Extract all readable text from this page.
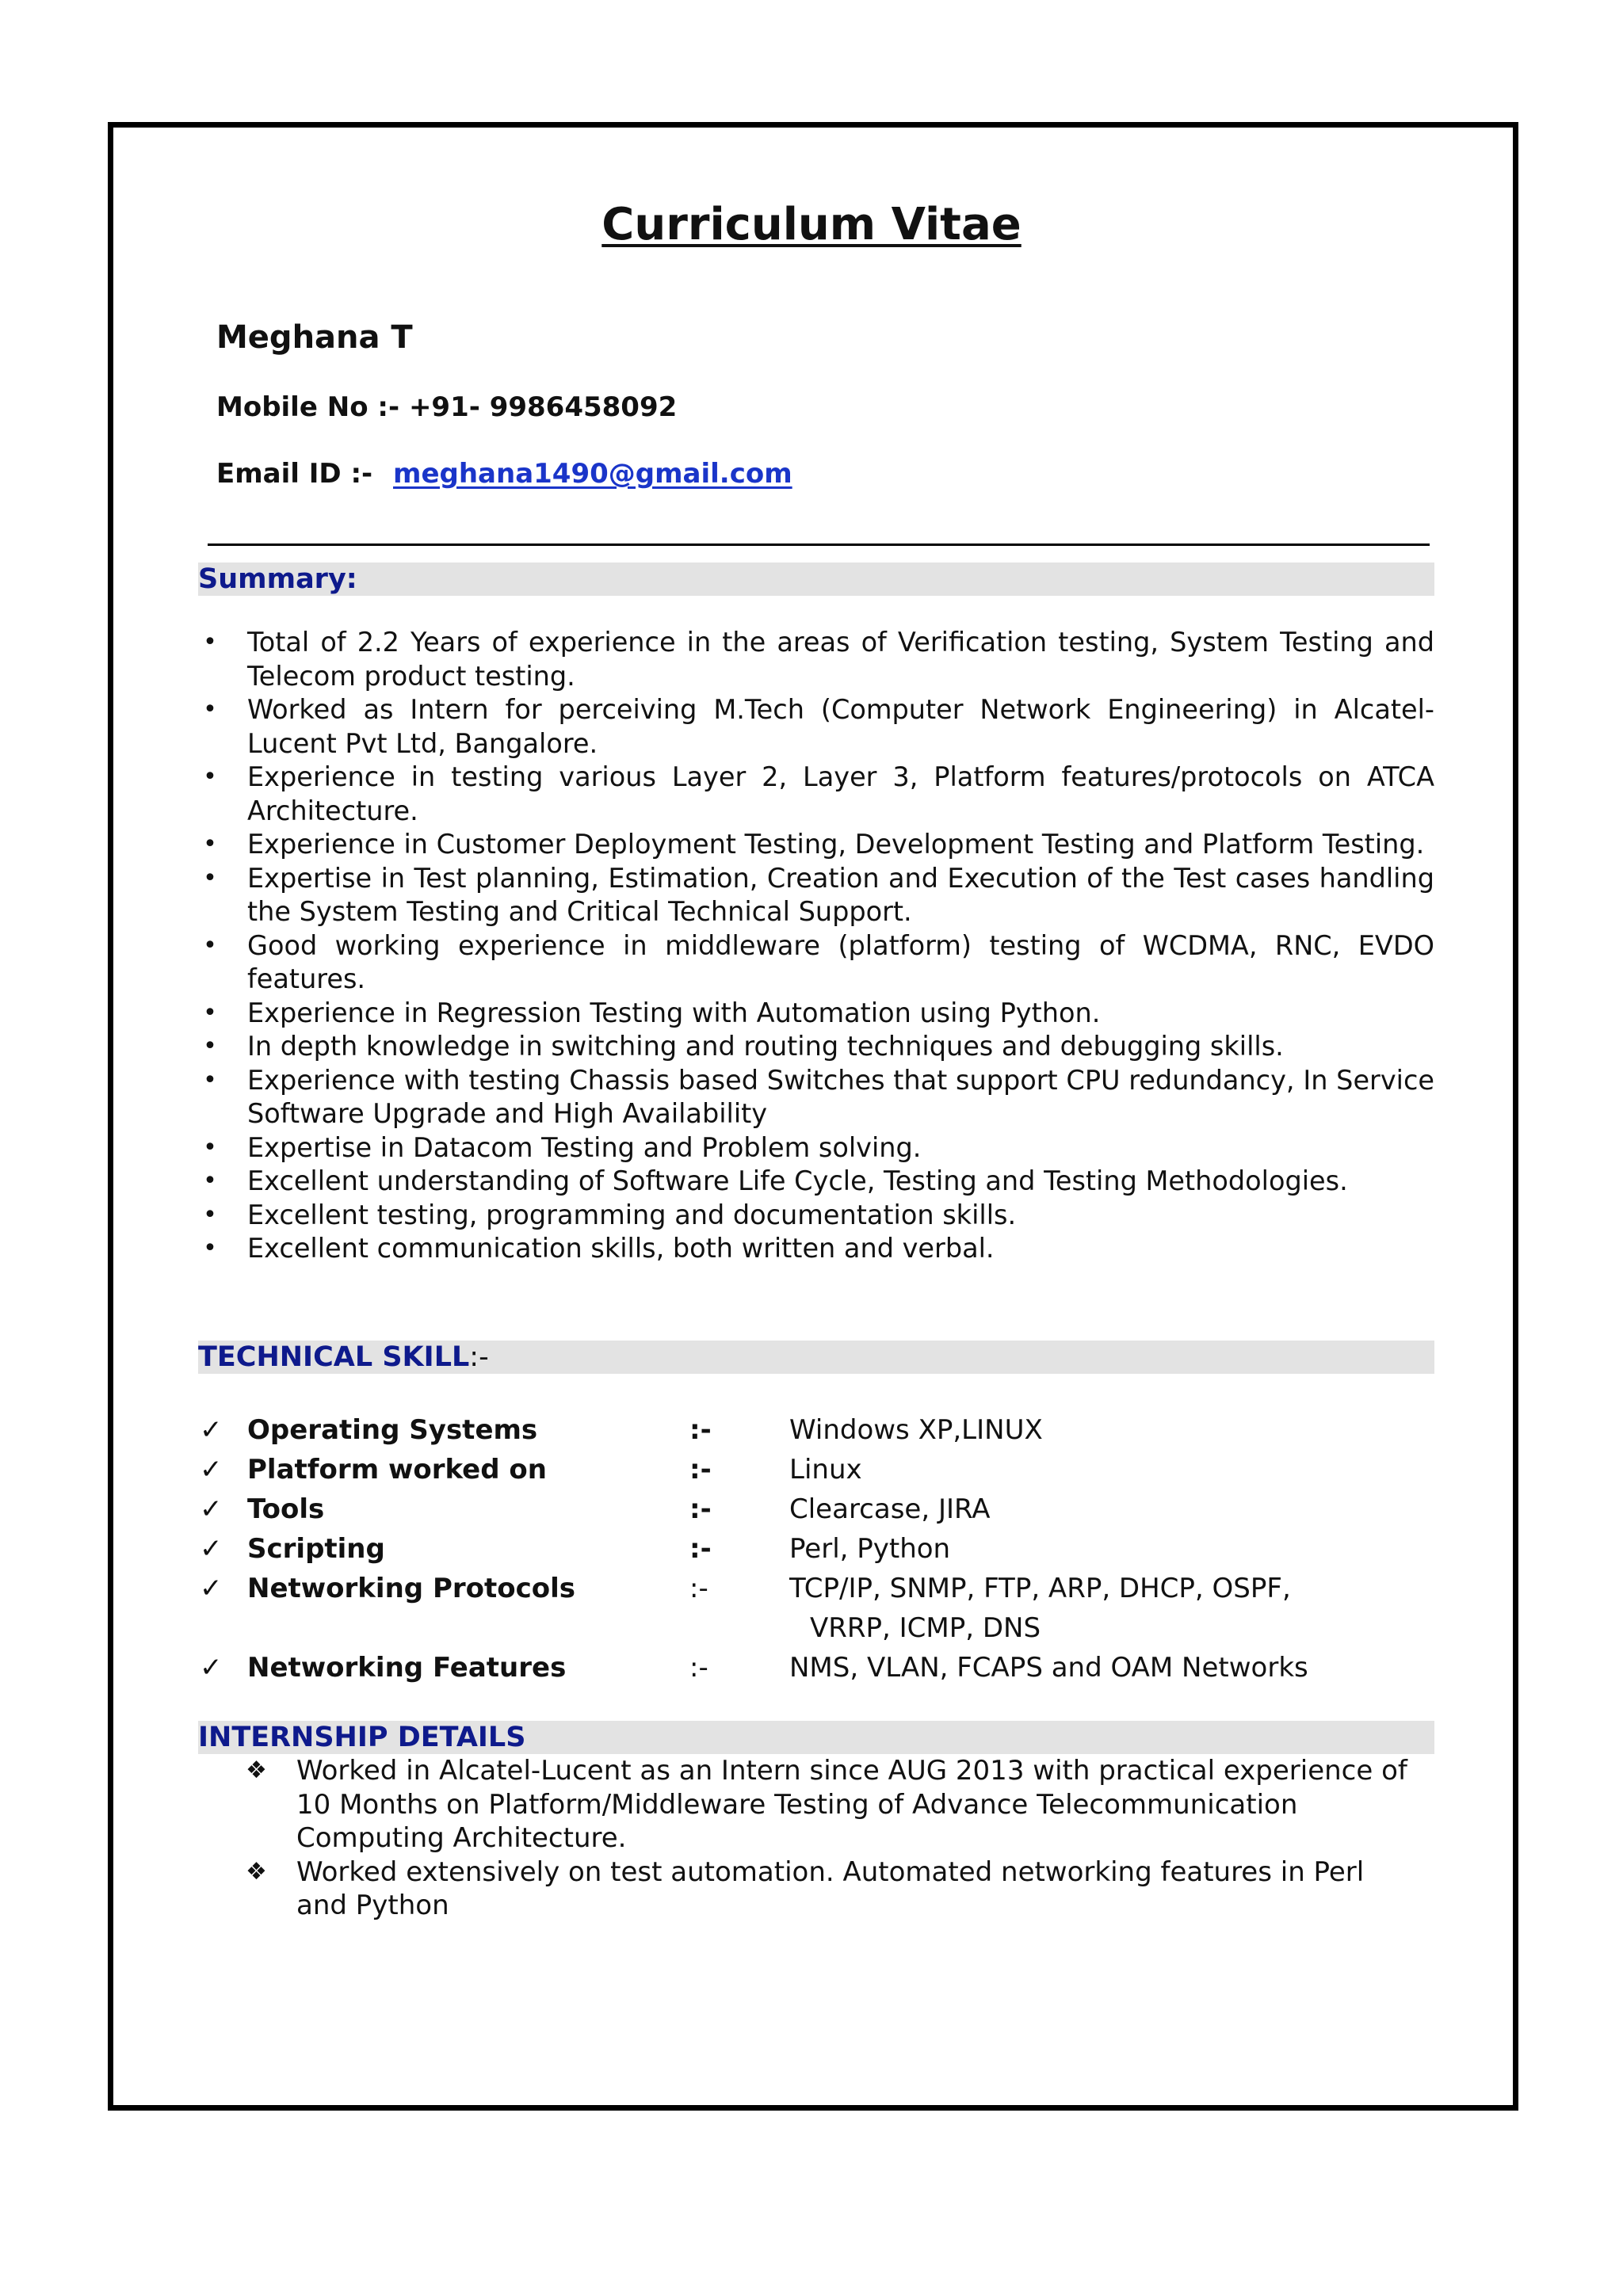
Curriculum Vitae
Meghana T
Mobile No :- +91- 9986458092
Email ID :- meghana1490@gmail.com
Summary:
• Total of 2.2 Years of experience in the areas of Verification testing, System Testing and Telecom product testing.
• Worked as Intern for perceiving M.Tech (Computer Network Engineering) in Alcatel-Lucent Pvt Ltd, Bangalore.
• Experience in testing various Layer 2, Layer 3, Platform features/protocols on ATCA Architecture.
• Experience in Customer Deployment Testing, Development Testing and Platform Testing.
• Expertise in Test planning, Estimation, Creation and Execution of the Test cases handling the System Testing and Critical Technical Support.
• Good working experience in middleware (platform) testing of WCDMA, RNC, EVDO features.
• Experience in Regression Testing with Automation using Python.
• In depth knowledge in switching and routing techniques and debugging skills.
• Experience with testing Chassis based Switches that support CPU redundancy, In Service Software Upgrade and High Availability
• Expertise in Datacom Testing and Problem solving.
• Excellent understanding of Software Life Cycle, Testing and Testing Methodologies.
• Excellent testing, programming and documentation skills.
• Excellent communication skills, both written and verbal.
TECHNICAL SKILL:-
✓ Operating Systems	:-	Windows XP,LINUX
✓ Platform worked on	:-	Linux
✓ Tools	:-	Clearcase, JIRA
✓ Scripting	:-	Perl, Python
✓ Networking Protocols	:-	TCP/IP, SNMP, FTP, ARP, DHCP, OSPF,
VRRP, ICMP, DNS
✓ Networking Features	:-	NMS, VLAN, FCAPS and OAM Networks
INTERNSHIP DETAILS
❖ Worked in Alcatel-Lucent as an Intern since AUG 2013 with practical experience of 10 Months on Platform/Middleware Testing of Advance Telecommunication Computing Architecture.
❖ Worked extensively on test automation. Automated networking features in Perl and Python
